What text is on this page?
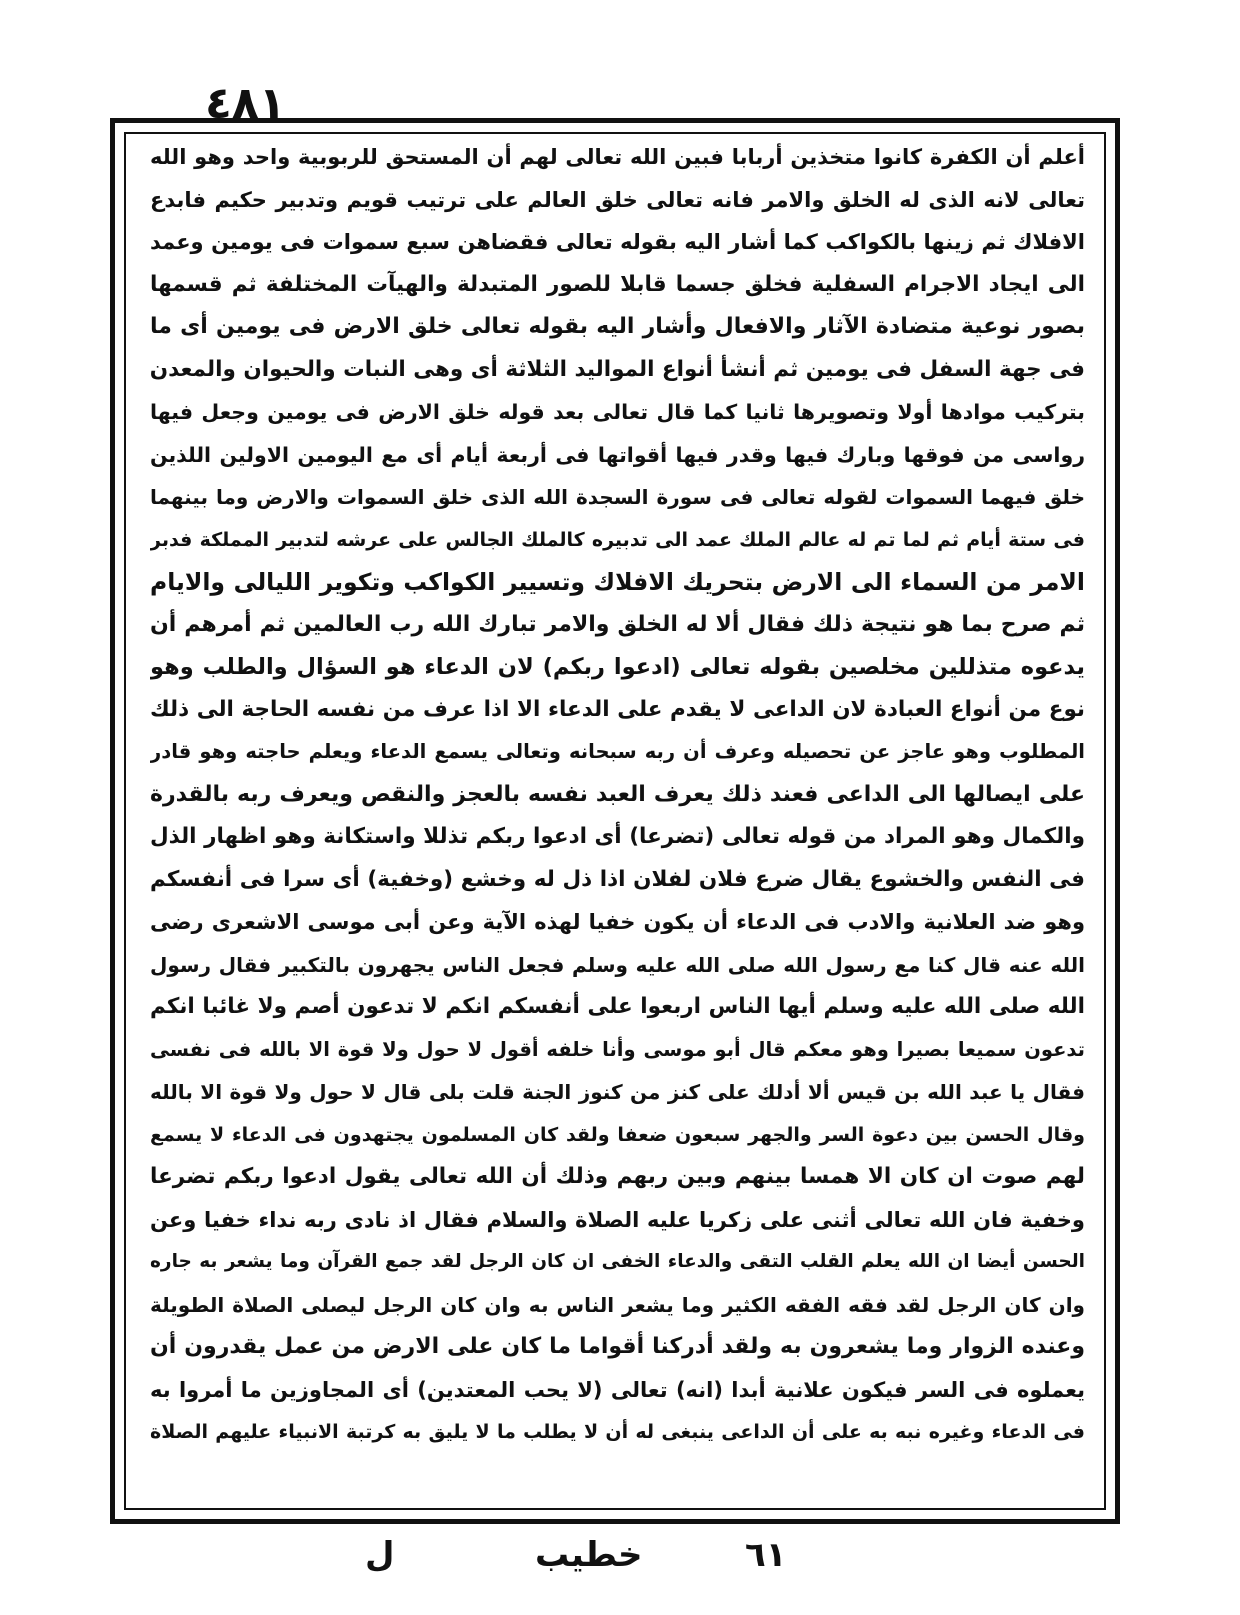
٤٨١
أعلم أن الكفرة كانوا متخذين أربابا فبين الله تعالى لهم أن المستحق للربوبية واحد وهو الله
تعالى لانه الذى له الخلق والامر فانه تعالى خلق العالم على ترتيب قويم وتدبير حكيم فابدع
الافلاك ثم زينها بالكواكب كما أشار اليه بقوله تعالى فقضاهن سبع سموات فى يومين وعمد
الى ايجاد الاجرام السفلية فخلق جسما قابلا للصور المتبدلة والهيآت المختلفة ثم قسمها
بصور نوعية متضادة الآثار والافعال وأشار اليه بقوله تعالى خلق الارض فى يومين أى ما
فى جهة السفل فى يومين ثم أنشأ أنواع المواليد الثلاثة أى وهى النبات والحيوان والمعدن
بتركيب موادها أولا وتصويرها ثانيا كما قال تعالى بعد قوله خلق الارض فى يومين وجعل فيها
رواسى من فوقها وبارك فيها وقدر فيها أقواتها فى أربعة أيام أى مع اليومين الاولين اللذين
خلق فيهما السموات لقوله تعالى فى سورة السجدة الله الذى خلق السموات والارض وما بينهما
فى ستة أيام ثم لما تم له عالم الملك عمد الى تدبيره كالملك الجالس على عرشه لتدبير المملكة فدبر
الامر من السماء الى الارض بتحريك الافلاك وتسيير الكواكب وتكوير الليالى والايام
ثم صرح بما هو نتيجة ذلك فقال ألا له الخلق والامر تبارك الله رب العالمين ثم أمرهم أن
يدعوه متذللين مخلصين بقوله تعالى (ادعوا ربكم) لان الدعاء هو السؤال والطلب وهو
نوع من أنواع العبادة لان الداعى لا يقدم على الدعاء الا اذا عرف من نفسه الحاجة الى ذلك
المطلوب وهو عاجز عن تحصيله وعرف أن ربه سبحانه وتعالى يسمع الدعاء ويعلم حاجته وهو قادر
على ايصالها الى الداعى فعند ذلك يعرف العبد نفسه بالعجز والنقص ويعرف ربه بالقدرة
والكمال وهو المراد من قوله تعالى (تضرعا) أى ادعوا ربكم تذللا واستكانة وهو اظهار الذل
فى النفس والخشوع يقال ضرع فلان لفلان اذا ذل له وخشع (وخفية) أى سرا فى أنفسكم
وهو ضد العلانية والادب فى الدعاء أن يكون خفيا لهذه الآية وعن أبى موسى الاشعرى رضى
الله عنه قال كنا مع رسول الله صلى الله عليه وسلم فجعل الناس يجهرون بالتكبير فقال رسول
الله صلى الله عليه وسلم أيها الناس اربعوا على أنفسكم انكم لا تدعون أصم ولا غائبا انكم
تدعون سميعا بصيرا وهو معكم قال أبو موسى وأنا خلفه أقول لا حول ولا قوة الا بالله فى نفسى
فقال يا عبد الله بن قيس ألا أدلك على كنز من كنوز الجنة قلت بلى قال لا حول ولا قوة الا بالله
وقال الحسن بين دعوة السر والجهر سبعون ضعفا ولقد كان المسلمون يجتهدون فى الدعاء لا يسمع
لهم صوت ان كان الا همسا بينهم وبين ربهم وذلك أن الله تعالى يقول ادعوا ربكم تضرعا
وخفية فان الله تعالى أثنى على زكريا عليه الصلاة والسلام فقال اذ نادى ربه نداء خفيا وعن
الحسن أيضا ان الله يعلم القلب التقى والدعاء الخفى ان كان الرجل لقد جمع القرآن وما يشعر به جاره
وان كان الرجل لقد فقه الفقه الكثير وما يشعر الناس به وان كان الرجل ليصلى الصلاة الطويلة
وعنده الزوار وما يشعرون به ولقد أدركنا أقواما ما كان على الارض من عمل يقدرون أن
يعملوه فى السر فيكون علانية أبدا (انه) تعالى (لا يحب المعتدين) أى المجاوزين ما أمروا به
فى الدعاء وغيره نبه به على أن الداعى ينبغى له أن لا يطلب ما لا يليق به كرتبة الانبياء عليهم الصلاة
ل	خطيب	٦١
